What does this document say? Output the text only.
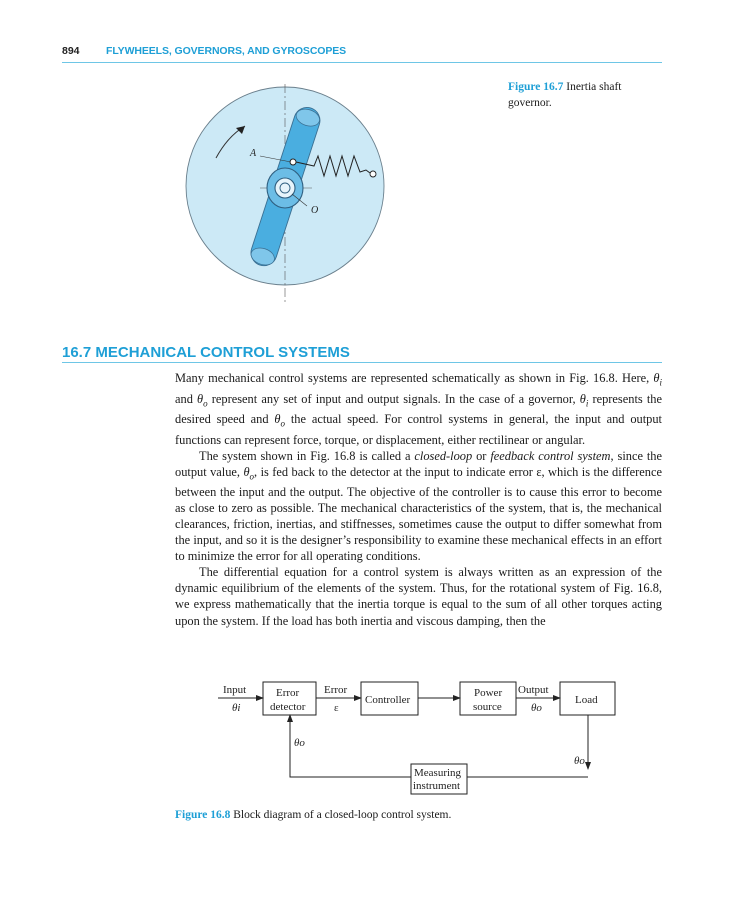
894	FLYWHEELS, GOVERNORS, AND GYROSCOPES
A
O
Figure 16.7 Inertia shaft governor.
16.7 MECHANICAL CONTROL SYSTEMS

Many mechanical control systems are represented schematically as shown in Fig. 16.8. Here, $\theta_i$ and $\theta_o$ represent any set of input and output signals. In the case of a governor, $\theta_i$ represents the desired speed and $\theta_o$ the actual speed. For control systems in general, the input and output functions can represent force, torque, or displacement, either rectilinear or angular.

The system shown in Fig. 16.8 is called a closed-loop or feedback control system, since the output value, $\theta_o$, is fed back to the detector at the input to indicate error ε, which is the difference between the input and the output. The objective of the controller is to cause this error to become as close to zero as possible. The mechanical characteristics of the system, that is, the mechanical clearances, friction, inertias, and stiffnesses, sometimes cause the output to differ somewhat from the input, and so it is the designer’s responsibility to examine these mechanical effects in an effort to minimize the error for all operating conditions.

The differential equation for a control system is always written as an expression of the dynamic equilibrium of the elements of the system. Thus, for the rotational system of Fig. 16.8, we express mathematically that the inertia torque is equal to the sum of all other torques acting upon the system. If the load has both inertia and viscous damping, then the

Input
θi
Error
detector
Error
ε
Controller
Power
source
Output
θo
Load
θo
θo
Measuring
instrument
Figure 16.8 Block diagram of a closed-loop control system.
